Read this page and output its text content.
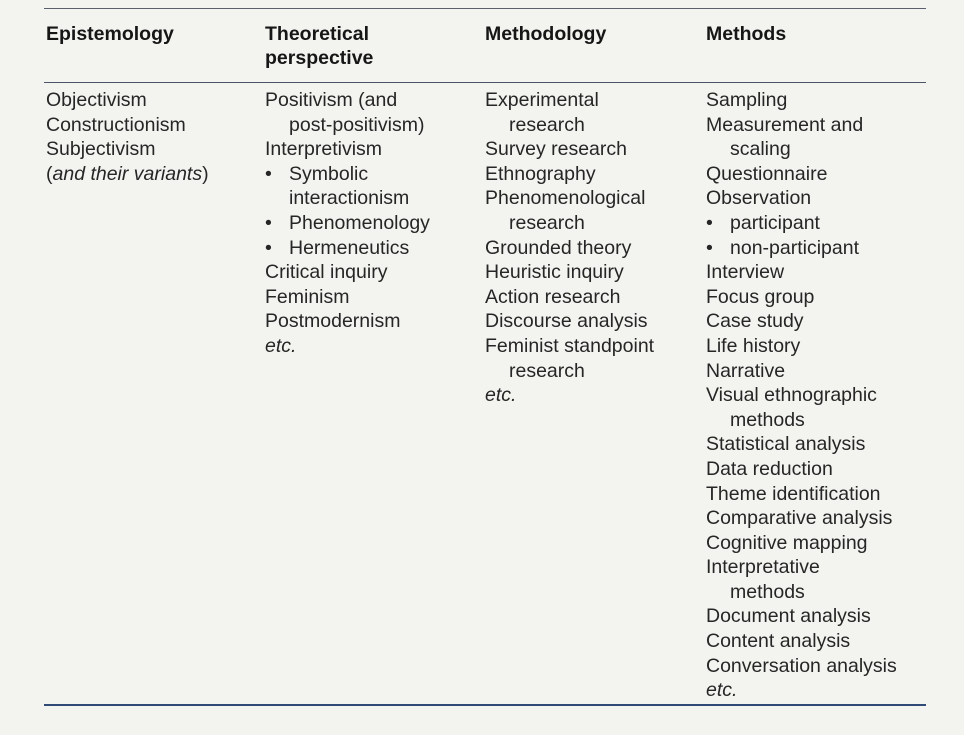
Epistemology	Theoretical
perspective
Methodology	Methods
Objectivism
Constructionism
Subjectivism
(and their variants)
Positivism (and
post-positivism)
Interpretivism
• Symbolic
interactionism
• Phenomenology
• Hermeneutics
Critical inquiry
Feminism
Postmodernism
etc.
Experimental
research
Survey research
Ethnography
Phenomenological
research
Grounded theory
Heuristic inquiry
Action research
Discourse analysis
Feminist standpoint
research
etc.
Sampling
Measurement and
scaling
Questionnaire
Observation
• participant
• non-participant
Interview
Focus group
Case study
Life history
Narrative
Visual ethnographic
methods
Statistical analysis
Data reduction
Theme identification
Comparative analysis
Cognitive mapping
Interpretative
methods
Document analysis
Content analysis
Conversation analysis
etc.
